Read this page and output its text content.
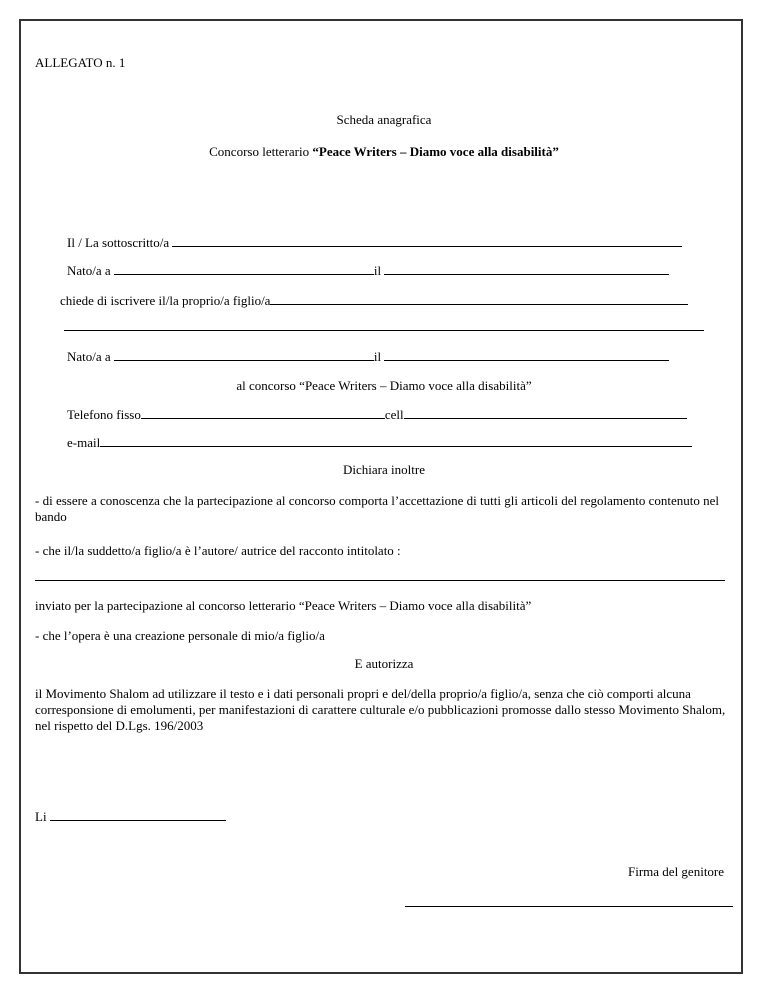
ALLEGATO n. 1
Scheda anagrafica
Concorso letterario “Peace Writers – Diamo voce alla disabilità”
Il / La sottoscritto/a
Nato/a a	il
chiede di iscrivere il/la proprio/a figlio/a
Nato/a a	il
al concorso “Peace Writers – Diamo voce alla disabilità”
Telefono fisso	cell
e-mail
Dichiara inoltre
- di essere a conoscenza che la partecipazione al concorso comporta l’accettazione di tutti gli articoli del regolamento contenuto nel bando
- che il/la suddetto/a figlio/a è l’autore/ autrice del racconto intitolato :
inviato per la partecipazione al concorso letterario “Peace Writers – Diamo voce alla disabilità”
- che l’opera è una creazione personale di mio/a figlio/a
E autorizza
il Movimento Shalom ad utilizzare il testo e i dati personali propri e del/della proprio/a figlio/a, senza che ciò comporti alcuna corresponsione di emolumenti, per manifestazioni di carattere culturale e/o pubblicazioni promosse dallo stesso Movimento Shalom, nel rispetto del D.Lgs. 196/2003
Li
Firma del genitore
